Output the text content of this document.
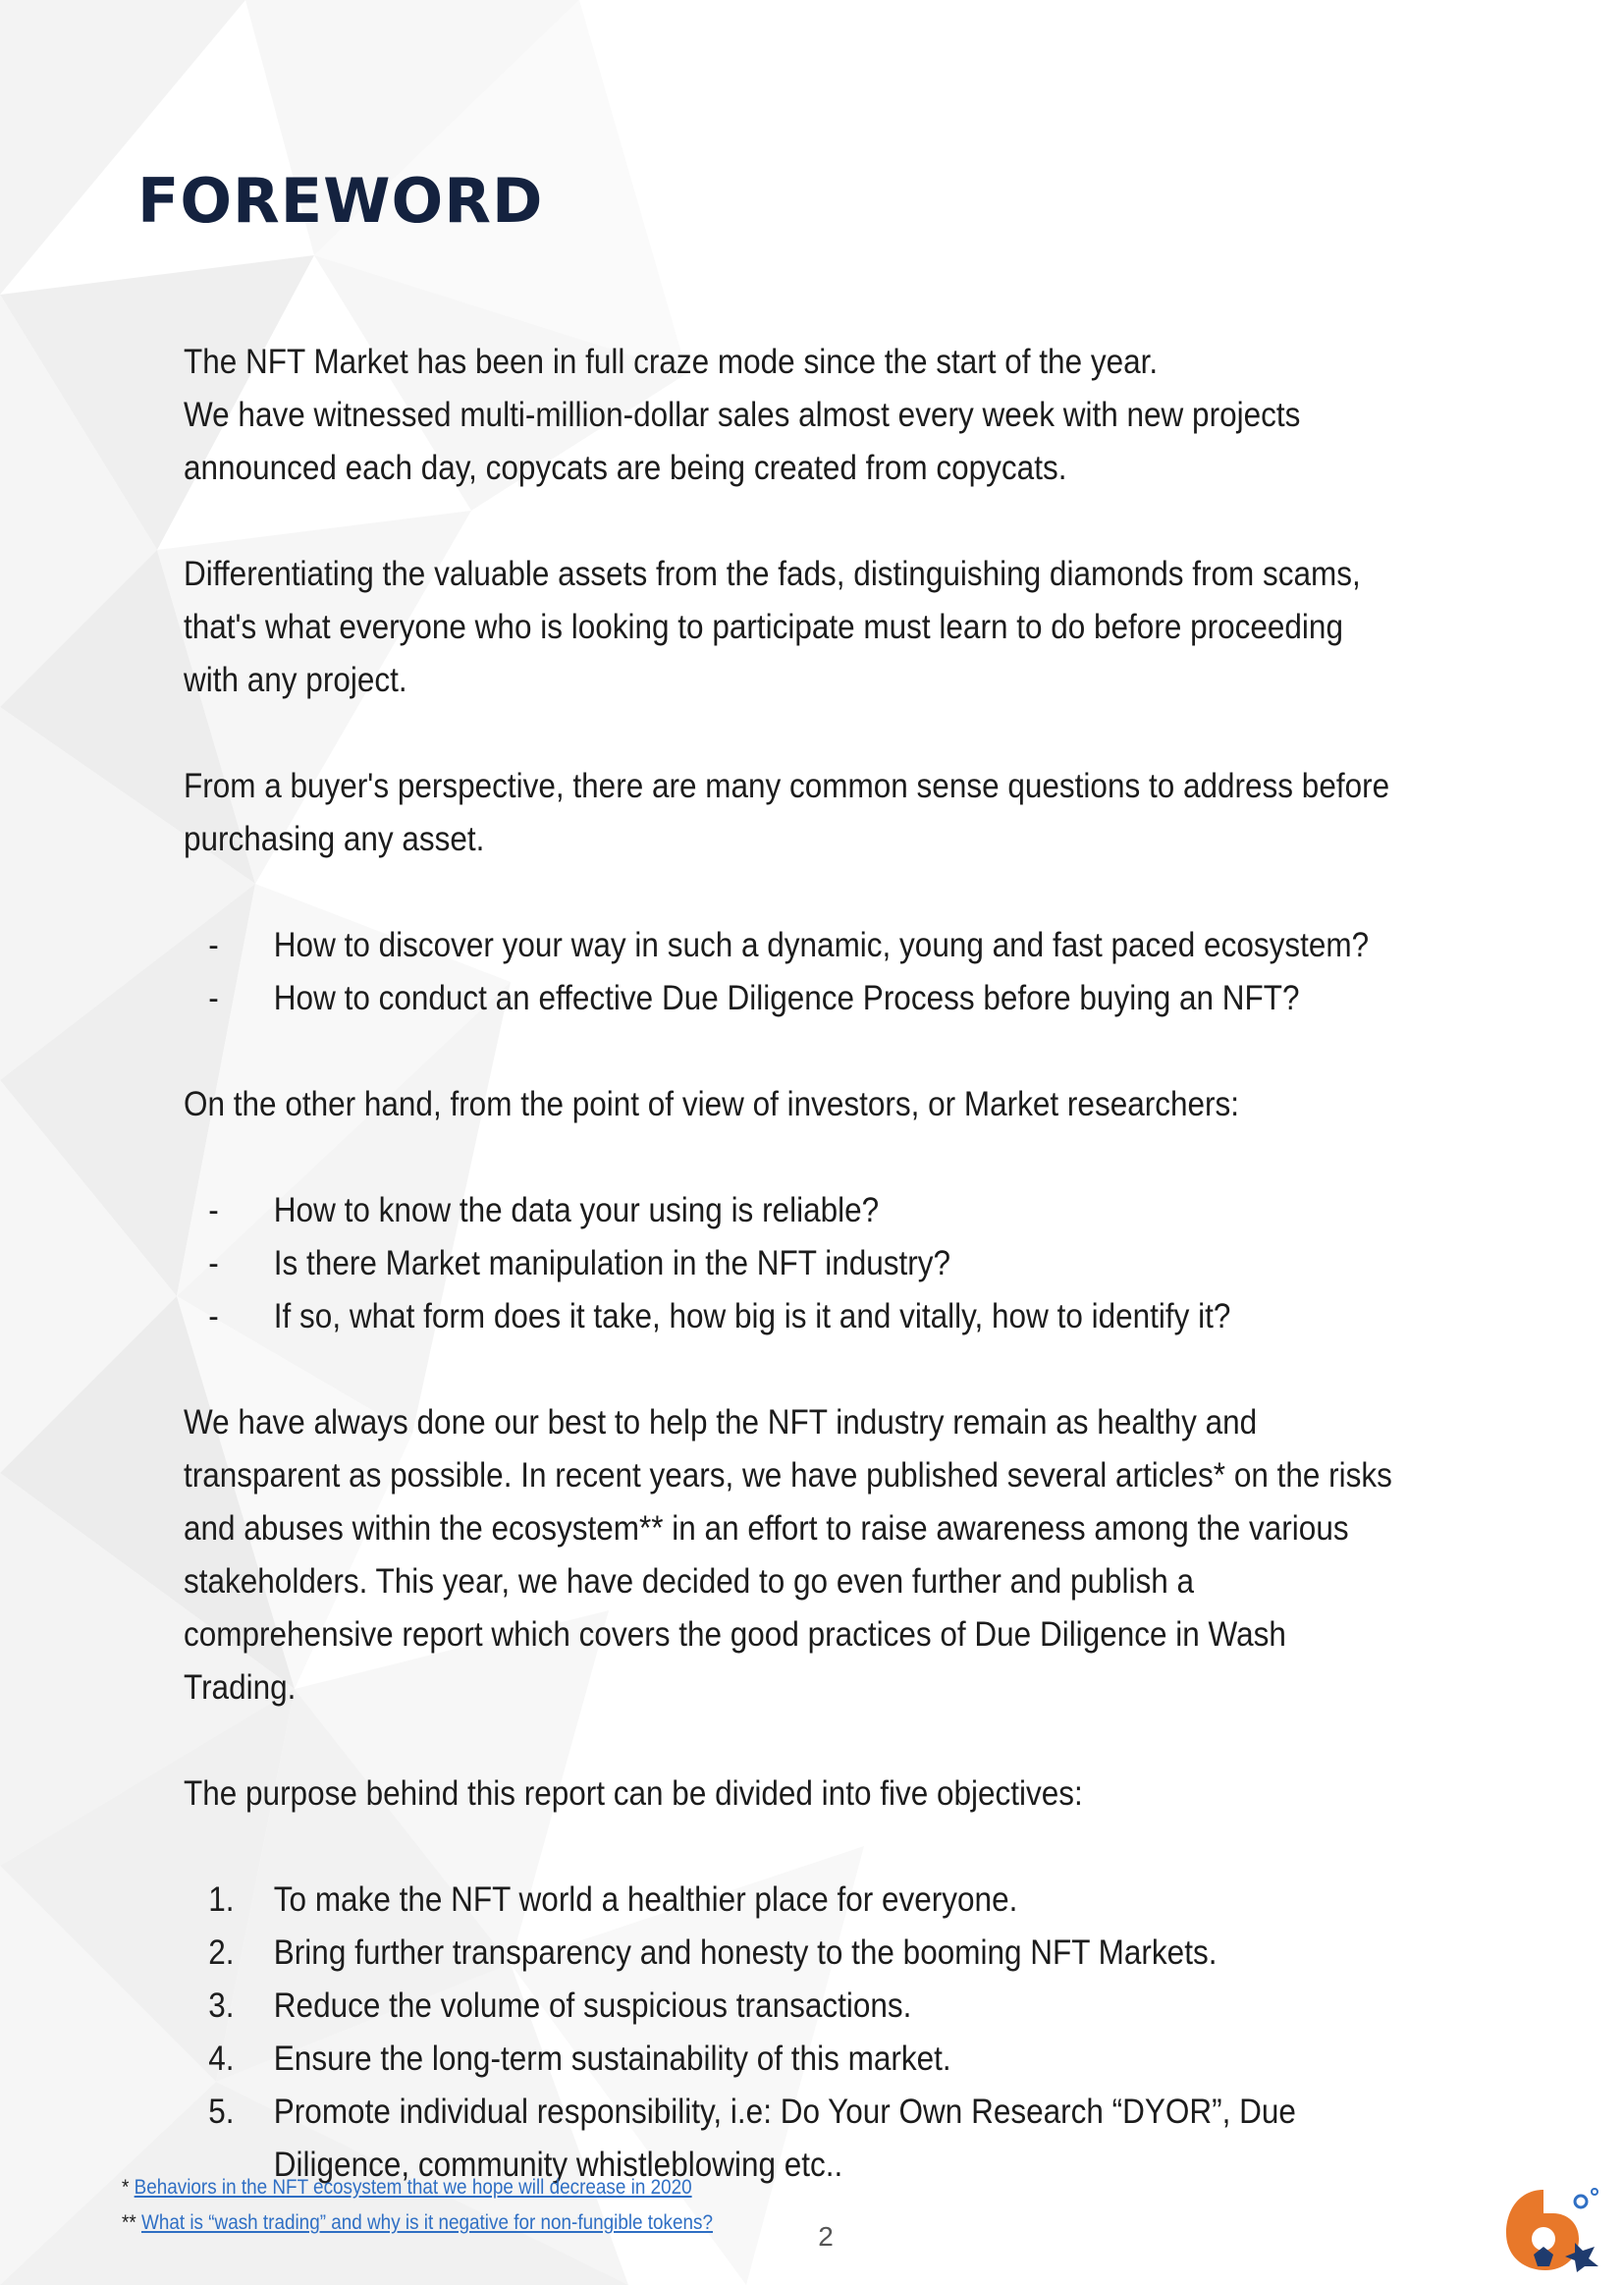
FOREWORD

The NFT Market has been in full craze mode since the start of the year.

We have witnessed multi-million-dollar sales almost every week with new projects announced each day, copycats are being created from copycats.

Differentiating the valuable assets from the fads, distinguishing diamonds from scams, that's what everyone who is looking to participate must learn to do before proceeding with any project.

From a buyer's perspective, there are many common sense questions to address before purchasing any asset.

- How to discover your way in such a dynamic, young and fast paced ecosystem?
- How to conduct an effective Due Diligence Process before buying an NFT?

On the other hand, from the point of view of investors, or Market researchers:

- How to know the data your using is reliable?
- Is there Market manipulation in the NFT industry?
- If so, what form does it take, how big is it and vitally, how to identify it?

We have always done our best to help the NFT industry remain as healthy and transparent as possible. In recent years, we have published several articles* on the risks and abuses within the ecosystem** in an effort to raise awareness among the various stakeholders. This year, we have decided to go even further and publish a comprehensive report which covers the good practices of Due Diligence in Wash Trading.

The purpose behind this report can be divided into five objectives:

1. To make the NFT world a healthier place for everyone.
2. Bring further transparency and honesty to the booming NFT Markets.
3. Reduce the volume of suspicious transactions.
4. Ensure the long-term sustainability of this market.
5. Promote individual responsibility, i.e: Do Your Own Research “DYOR”, Due Diligence, community whistleblowing etc..
* Behaviors in the NFT ecosystem that we hope will decrease in 2020
** What is “wash trading” and why is it negative for non-fungible tokens?	2
